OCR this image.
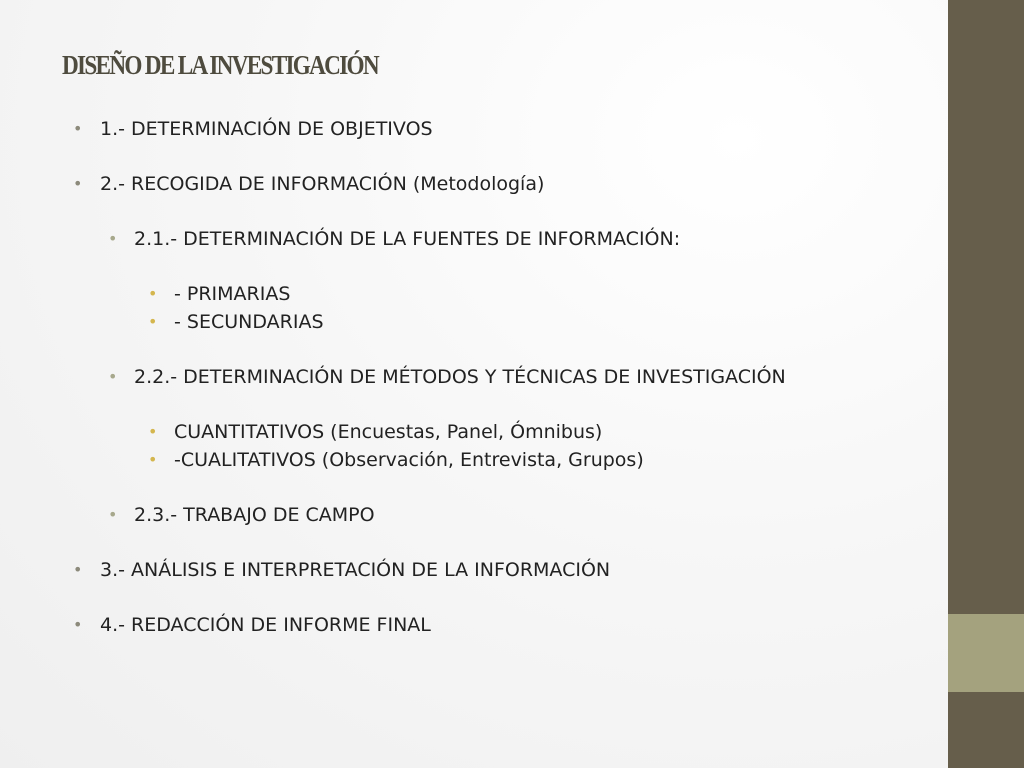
DISEÑO DE LA INVESTIGACIÓN
• 1.- DETERMINACIÓN DE OBJETIVOS
• 2.- RECOGIDA DE INFORMACIÓN (Metodología)
• 2.1.- DETERMINACIÓN DE LA FUENTES DE INFORMACIÓN:
• - PRIMARIAS
• - SECUNDARIAS
• 2.2.- DETERMINACIÓN DE MÉTODOS Y TÉCNICAS DE INVESTIGACIÓN
• CUANTITATIVOS (Encuestas, Panel, Ómnibus)
• -CUALITATIVOS (Observación, Entrevista, Grupos)
• 2.3.- TRABAJO DE CAMPO
• 3.- ANÁLISIS E INTERPRETACIÓN DE LA INFORMACIÓN
• 4.- REDACCIÓN DE INFORME FINAL
